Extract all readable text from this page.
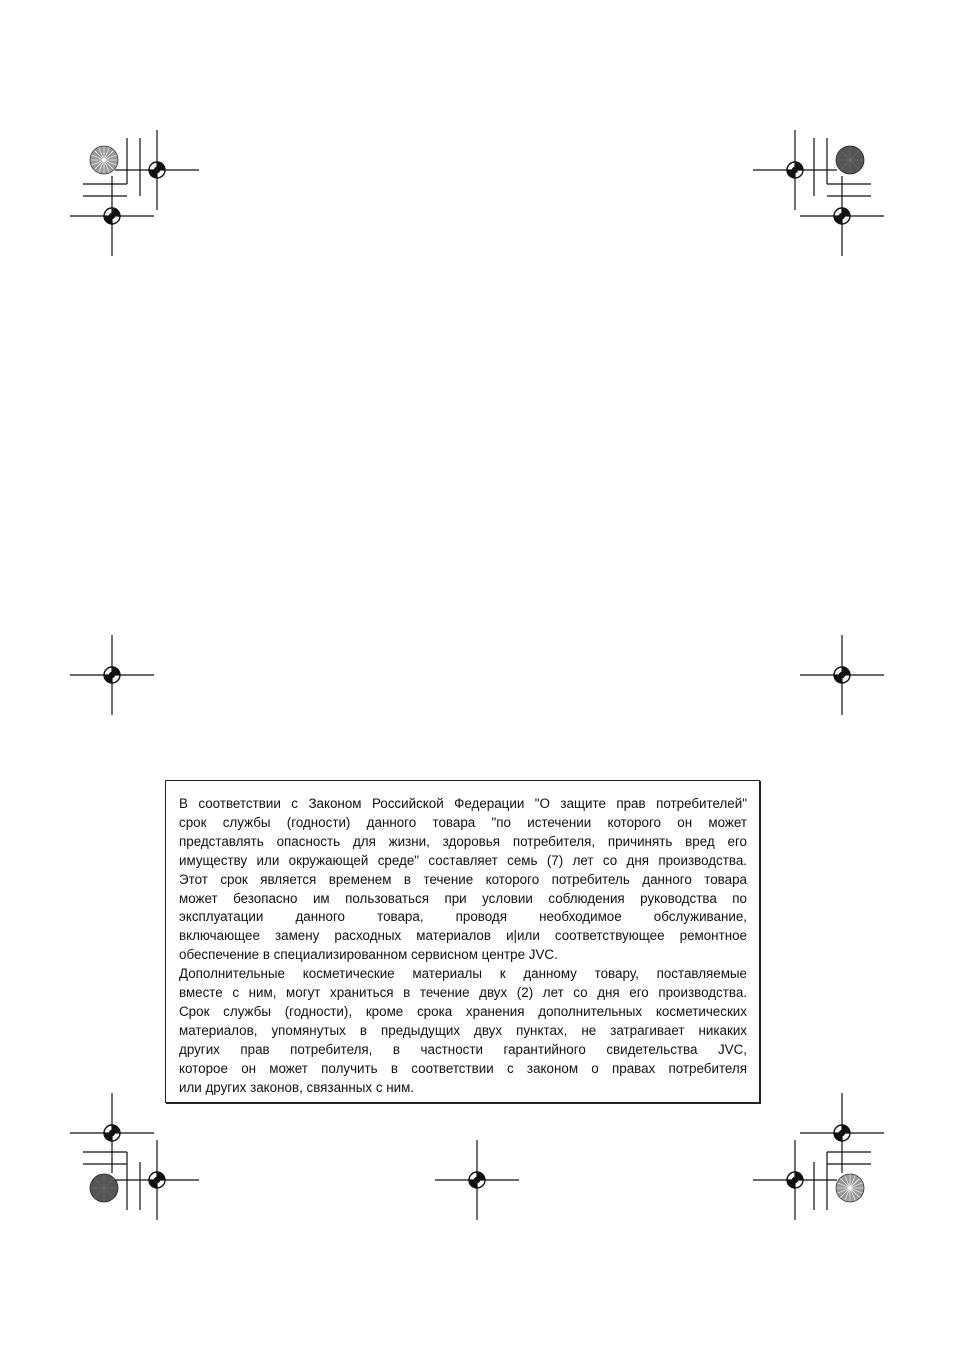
В соответствии с Законом Российской Федерации "О защите прав потребителей"
срок службы (годности) данного товара "по истечении которого он может
представлять опасность для жизни, здоровья потребителя, причинять вред его
имуществу или окружающей среде" составляет семь (7) лет со дня производства.
Этот срок является временем в течение которого потребитель данного товара
может безопасно им пользоваться при условии соблюдения руководства по
эксплуатации данного товара, проводя необходимое обслуживание,
включающее замену расходных материалов и|или соответствующее ремонтное
обеспечение в специализированном сервисном центре JVC.
Дополнительные косметические материалы к данному товару, поставляемые
вместе с ним, могут храниться в течение двух (2) лет со дня его производства.
Срок службы (годности), кроме срока хранения дополнительных косметических
материалов, упомянутых в предыдущих двух пунктах, не затрагивает никаких
других прав потребителя, в частности гарантийного свидетельства JVC,
которое он может получить в соответствии с законом о правах потребителя
или других законов, связанных с ним.
